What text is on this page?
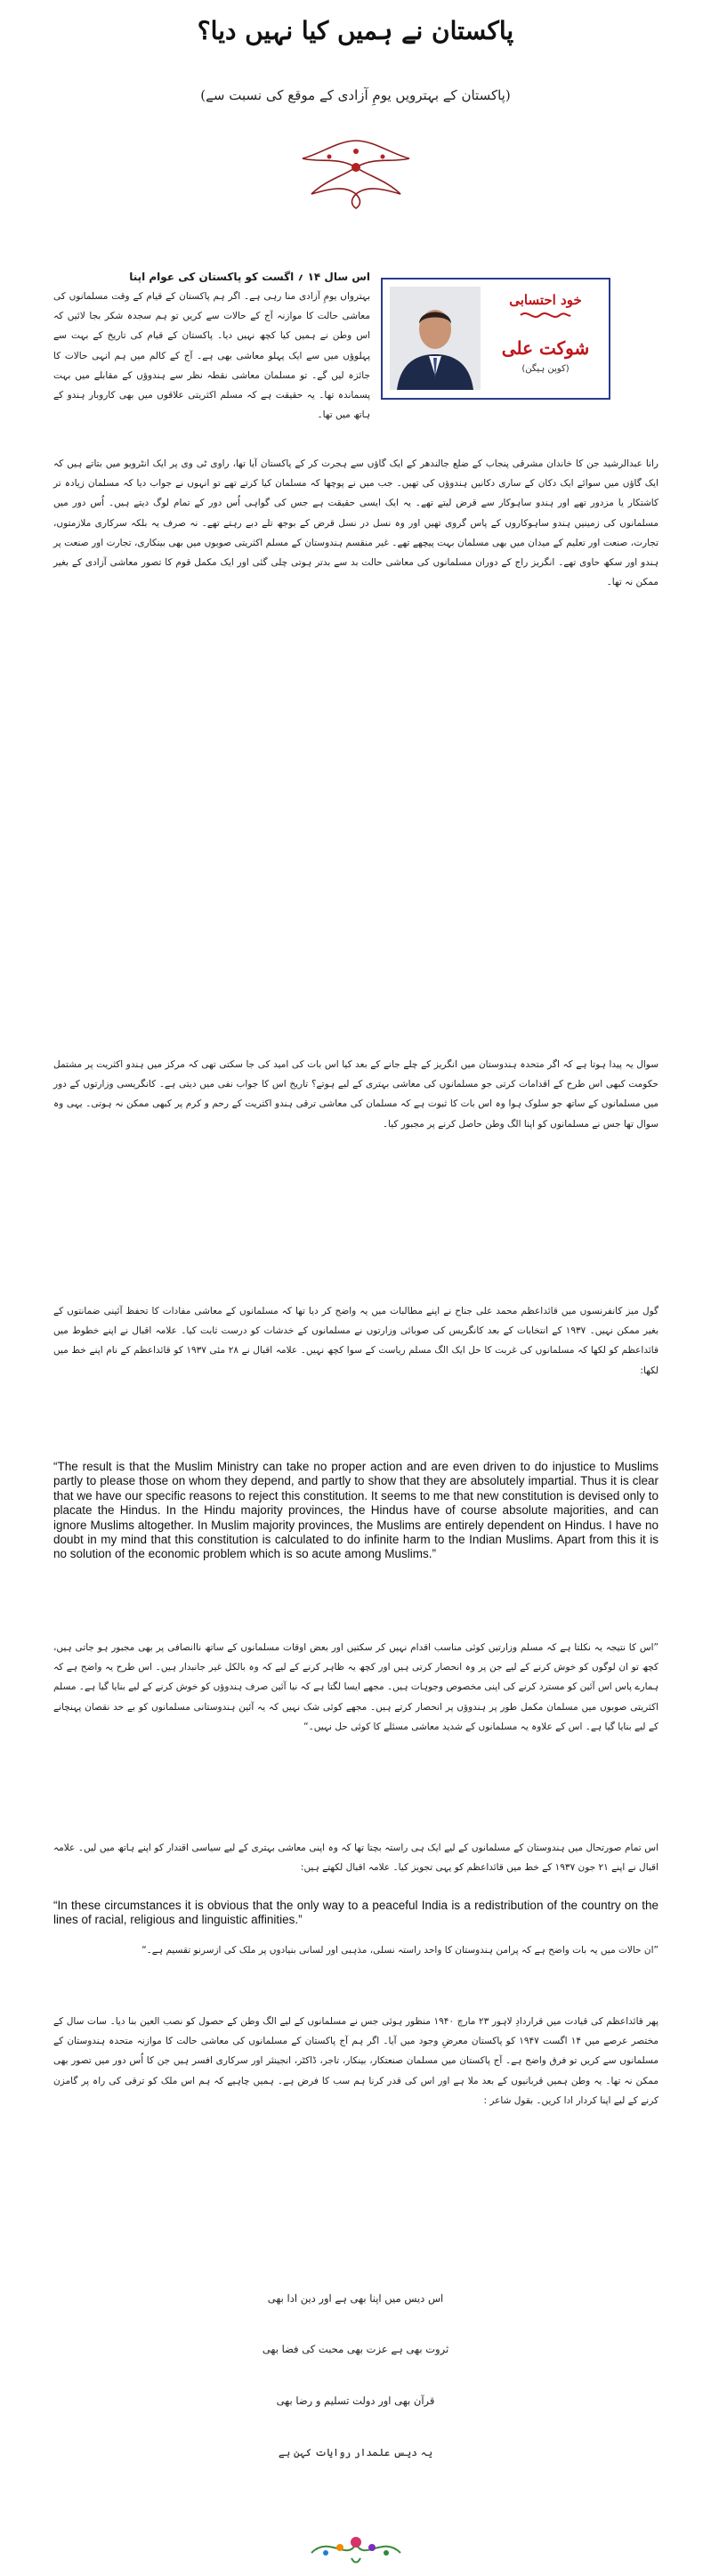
پاکستان نے ہمیں کیا نہیں دیا؟
(پاکستان کے بہترویں یومِ آزادی کے موقع کی نسبت سے)
خود احتسابی
شوکت علی
(کوپن ہیگن)
اس سال ۱۴ ؍ اگست کو پاکستان کی عوام اپنا
بہترواں یومِ آزادی منا رہی ہے۔ اگر ہم پاکستان کے قیام کے وقت مسلمانوں کی معاشی حالت کا موازنہ آج کے حالات سے کریں تو ہم سجدہ شکر بجا لائیں کہ اس وطن نے ہمیں کیا کچھ نہیں دیا۔ پاکستان کے قیام کی تاریخ کے بہت سے پہلوؤں میں سے ایک پہلو معاشی بھی ہے۔ آج کے کالم میں ہم انہی حالات کا جائزہ لیں گے۔ تو مسلمان معاشی نقطہ نظر سے ہندوؤں کے مقابلے میں بہت پسماندہ تھا۔ یہ حقیقت ہے کہ مسلم اکثریتی علاقوں میں بھی کاروبار ہندو کے ہاتھ میں تھا۔
رانا عبدالرشید جن کا خاندان مشرقی پنجاب کے ضلع جالندھر کے ایک گاؤں سے ہجرت کر کے پاکستان آیا تھا، راوی ٹی وی پر ایک انٹرویو میں بتاتے ہیں کہ ایک گاؤں میں سوائے ایک دکان کے ساری دکانیں ہندوؤں کی تھیں۔ جب میں نے پوچھا کہ مسلمان کیا کرتے تھے تو انہوں نے جواب دیا کہ مسلمان زیادہ تر کاشتکار یا مزدور تھے اور ہندو ساہوکار سے قرض لیتے تھے۔ یہ ایک ایسی حقیقت ہے جس کی گواہی اُس دور کے تمام لوگ دیتے ہیں۔ اُس دور میں مسلمانوں کی زمینیں ہندو ساہوکاروں کے پاس گروی تھیں اور وہ نسل در نسل قرض کے بوجھ تلے دبے رہتے تھے۔ نہ صرف یہ بلکہ سرکاری ملازمتوں، تجارت، صنعت اور تعلیم کے میدان میں بھی مسلمان بہت پیچھے تھے۔ غیر منقسم ہندوستان کے مسلم اکثریتی صوبوں میں بھی بینکاری، تجارت اور صنعت پر ہندو اور سکھ حاوی تھے۔ انگریز راج کے دوران مسلمانوں کی معاشی حالت بد سے بدتر ہوتی چلی گئی اور ایک مکمل قوم کا تصور معاشی آزادی کے بغیر ممکن نہ تھا۔
سوال یہ پیدا ہوتا ہے کہ اگر متحدہ ہندوستان میں انگریز کے چلے جانے کے بعد کیا اس بات کی امید کی جا سکتی تھی کہ مرکز میں ہندو اکثریت پر مشتمل حکومت کبھی اس طرح کے اقدامات کرتی جو مسلمانوں کی معاشی بہتری کے لیے ہوتے؟ تاریخ اس کا جواب نفی میں دیتی ہے۔ کانگریسی وزارتوں کے دور میں مسلمانوں کے ساتھ جو سلوک ہوا وہ اس بات کا ثبوت ہے کہ مسلمان کی معاشی ترقی ہندو اکثریت کے رحم و کرم پر کبھی ممکن نہ ہوتی۔ یہی وہ سوال تھا جس نے مسلمانوں کو اپنا الگ وطن حاصل کرنے پر مجبور کیا۔
گول میز کانفرنسوں میں قائداعظم محمد علی جناح نے اپنے مطالبات میں یہ واضح کر دیا تھا کہ مسلمانوں کے معاشی مفادات کا تحفظ آئینی ضمانتوں کے بغیر ممکن نہیں۔ ۱۹۳۷ کے انتخابات کے بعد کانگریس کی صوبائی وزارتوں نے مسلمانوں کے خدشات کو درست ثابت کیا۔ علامہ اقبال نے اپنے خطوط میں قائداعظم کو لکھا کہ مسلمانوں کی غربت کا حل ایک الگ مسلم ریاست کے سوا کچھ نہیں۔ علامہ اقبال نے ۲۸ مئی ۱۹۳۷ کو قائداعظم کے نام اپنے خط میں لکھا:
“The result is that the Muslim Ministry can take no proper action and are even driven to do injustice to Muslims partly to please those on whom they depend, and partly to show that they are absolutely impartial. Thus it is clear that we have our specific reasons to reject this constitution. It seems to me that new constitution is devised only to placate the Hindus. In the Hindu majority provinces, the Hindus have of course absolute majorities, and can ignore Muslims altogether. In Muslim majority provinces, the Muslims are entirely dependent on Hindus. I have no doubt in my mind that this constitution is calculated to do infinite harm to the Indian Muslims. Apart from this it is no solution of the economic problem which is so acute among Muslims.”
”اس کا نتیجہ یہ نکلتا ہے کہ مسلم وزارتیں کوئی مناسب اقدام نہیں کر سکتیں اور بعض اوقات مسلمانوں کے ساتھ ناانصافی پر بھی مجبور ہو جاتی ہیں، کچھ تو ان لوگوں کو خوش کرنے کے لیے جن پر وہ انحصار کرتی ہیں اور کچھ یہ ظاہر کرنے کے لیے کہ وہ بالکل غیر جانبدار ہیں۔ اس طرح یہ واضح ہے کہ ہمارے پاس اس آئین کو مسترد کرنے کی اپنی مخصوص وجوہات ہیں۔ مجھے ایسا لگتا ہے کہ نیا آئین صرف ہندوؤں کو خوش کرنے کے لیے بنایا گیا ہے۔ مسلم اکثریتی صوبوں میں مسلمان مکمل طور پر ہندوؤں پر انحصار کرتے ہیں۔ مجھے کوئی شک نہیں کہ یہ آئین ہندوستانی مسلمانوں کو بے حد نقصان پہنچانے کے لیے بنایا گیا ہے۔ اس کے علاوہ یہ مسلمانوں کے شدید معاشی مسئلے کا کوئی حل نہیں۔“
اس تمام صورتحال میں ہندوستان کے مسلمانوں کے لیے ایک ہی راستہ بچتا تھا کہ وہ اپنی معاشی بہتری کے لیے سیاسی اقتدار کو اپنے ہاتھ میں لیں۔ علامہ اقبال نے اپنے ۲۱ جون ۱۹۳۷ کے خط میں قائداعظم کو یہی تجویز کیا۔ علامہ اقبال لکھتے ہیں:
“In these circumstances it is obvious that the only way to a peaceful India is a redistribution of the country on the lines of racial, religious and linguistic affinities.”
”ان حالات میں یہ بات واضح ہے کہ پرامن ہندوستان کا واحد راستہ نسلی، مذہبی اور لسانی بنیادوں پر ملک کی ازسرنو تقسیم ہے۔“
پھر قائداعظم کی قیادت میں قراردادِ لاہور ۲۳ مارچ ۱۹۴۰ منظور ہوئی جس نے مسلمانوں کے لیے الگ وطن کے حصول کو نصب العین بنا دیا۔ سات سال کے مختصر عرصے میں ۱۴ اگست ۱۹۴۷ کو پاکستان معرضِ وجود میں آیا۔ اگر ہم آج پاکستان کے مسلمانوں کی معاشی حالت کا موازنہ متحدہ ہندوستان کے مسلمانوں سے کریں تو فرق واضح ہے۔ آج پاکستان میں مسلمان صنعتکار، بینکار، تاجر، ڈاکٹر، انجینئر اور سرکاری افسر ہیں جن کا اُس دور میں تصور بھی ممکن نہ تھا۔ یہ وطن ہمیں قربانیوں کے بعد ملا ہے اور اس کی قدر کرنا ہم سب کا فرض ہے۔ ہمیں چاہیے کہ ہم اس ملک کو ترقی کی راہ پر گامزن کرنے کے لیے اپنا کردار ادا کریں۔ بقول شاعر :
اس دیس میں اپنا بھی ہے اور دین ادا بھی
ثروت بھی ہے عزت بھی محبت کی فضا بھی
قرآن بھی اور دولت تسلیم و رضا بھی
یہ دیس علمدار روایات کہن ہے
